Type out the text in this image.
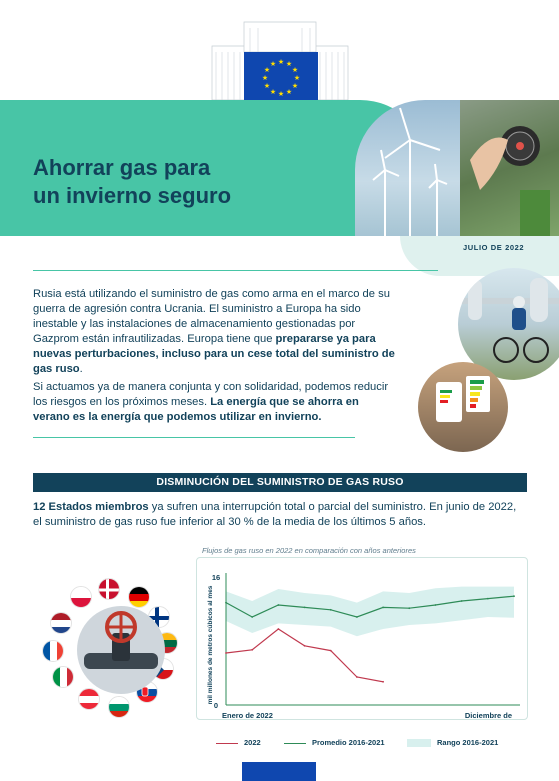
★ ★
★
★
★
★
★
★
★
★
★
★
Ahorrar gas para
un invierno seguro
JULIO DE 2022

Rusia está utilizando el suministro de gas como arma en el marco de su guerra de agresión contra Ucrania. El suministro a Europa ha sido inestable y las instalaciones de almacenamiento gestionadas por Gazprom están infrautilizadas. Europa tiene que prepararse ya para nuevas perturbaciones, incluso para un cese total del suministro de gas ruso.

Si actuamos ya de manera conjunta y con solidaridad, podemos reducir los riesgos en los próximos meses. La energía que se ahorra en verano es la energía que podemos utilizar en invierno.

DISMINUCIÓN DEL SUMINISTRO DE GAS RUSO

12 Estados miembros ya sufren una interrupción total o parcial del suministro. En junio de 2022, el suministro de gas ruso fue inferior al 30 % de la media de los últimos 5 años.

Flujos de gas ruso en 2022 en comparación con años anteriores
mil millones de metros cúbicos al mes
16
0
Enero de 2022	Diciembre de
2022	Promedio 2016-2021	Rango 2016-2021
